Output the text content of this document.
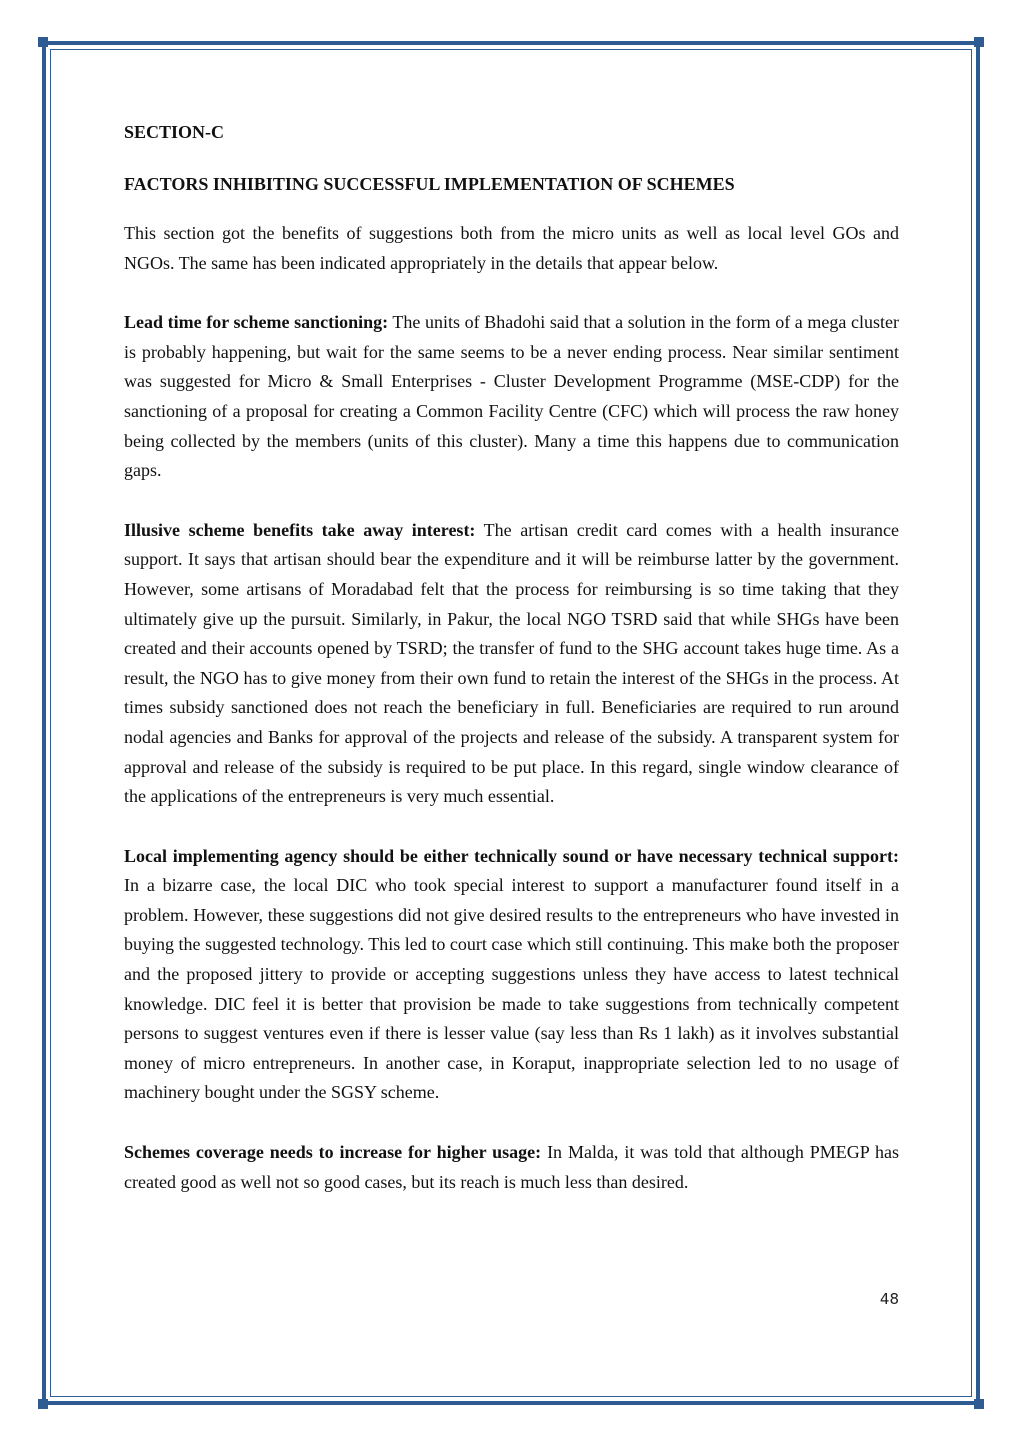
SECTION-C
FACTORS INHIBITING SUCCESSFUL IMPLEMENTATION OF SCHEMES

This section got the benefits of suggestions both from the micro units as well as local level GOs and NGOs. The same has been indicated appropriately in the details that appear below.

Lead time for scheme sanctioning: The units of Bhadohi said that a solution in the form of a mega cluster is probably happening, but wait for the same seems to be a never ending process. Near similar sentiment was suggested for Micro & Small Enterprises - Cluster Development Programme (MSE-CDP) for the sanctioning of a proposal for creating a Common Facility Centre (CFC) which will process the raw honey being collected by the members (units of this cluster). Many a time this happens due to communication gaps.

Illusive scheme benefits take away interest: The artisan credit card comes with a health insurance support. It says that artisan should bear the expenditure and it will be reimburse latter by the government. However, some artisans of Moradabad felt that the process for reimbursing is so time taking that they ultimately give up the pursuit. Similarly, in Pakur, the local NGO TSRD said that while SHGs have been created and their accounts opened by TSRD; the transfer of fund to the SHG account takes huge time. As a result, the NGO has to give money from their own fund to retain the interest of the SHGs in the process. At times subsidy sanctioned does not reach the beneficiary in full. Beneficiaries are required to run around nodal agencies and Banks for approval of the projects and release of the subsidy. A transparent system for approval and release of the subsidy is required to be put place. In this regard, single window clearance of the applications of the entrepreneurs is very much essential.

Local implementing agency should be either technically sound or have necessary technical support: In a bizarre case, the local DIC who took special interest to support a manufacturer found itself in a problem. However, these suggestions did not give desired results to the entrepreneurs who have invested in buying the suggested technology. This led to court case which still continuing. This make both the proposer and the proposed jittery to provide or accepting suggestions unless they have access to latest technical knowledge. DIC feel it is better that provision be made to take suggestions from technically competent persons to suggest ventures even if there is lesser value (say less than Rs 1 lakh) as it involves substantial money of micro entrepreneurs. In another case, in Koraput, inappropriate selection led to no usage of machinery bought under the SGSY scheme.

Schemes coverage needs to increase for higher usage: In Malda, it was told that although PMEGP has created good as well not so good cases, but its reach is much less than desired.

48
